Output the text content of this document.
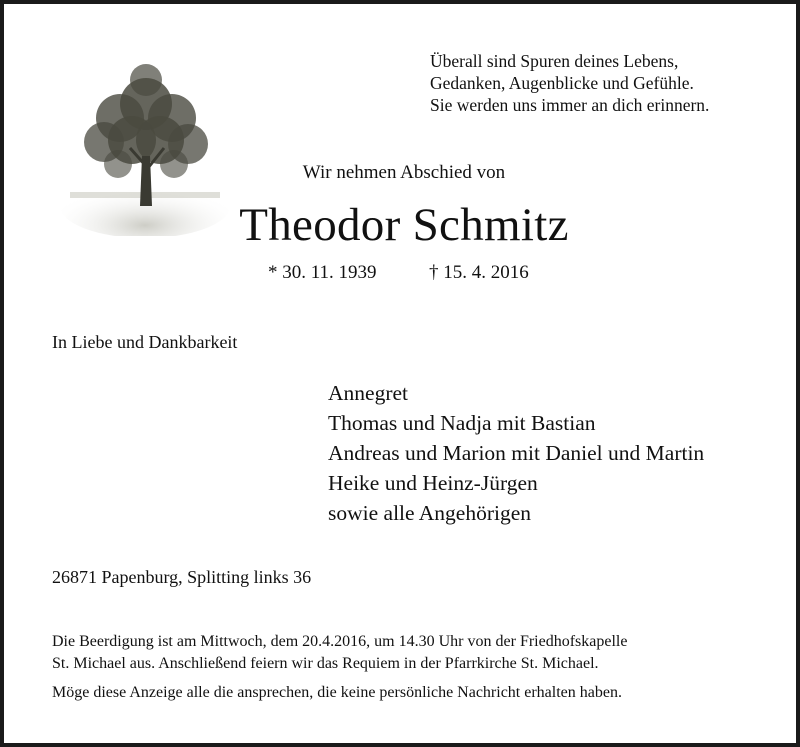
Überall sind Spuren deines Lebens,
Gedanken, Augenblicke und Gefühle.
Sie werden uns immer an dich erinnern.
Wir nehmen Abschied von
Theodor Schmitz
* 30. 11. 1939	† 15. 4. 2016
In Liebe und Dankbarkeit
Annegret
Thomas und Nadja mit Bastian
Andreas und Marion mit Daniel und Martin
Heike und Heinz-Jürgen
sowie alle Angehörigen
26871 Papenburg, Splitting links 36
Die Beerdigung ist am Mittwoch, dem 20.4.2016, um 14.30 Uhr von der Friedhofskapelle
St. Michael aus. Anschließend feiern wir das Requiem in der Pfarrkirche St. Michael.
Möge diese Anzeige alle die ansprechen, die keine persönliche Nachricht erhalten haben.
